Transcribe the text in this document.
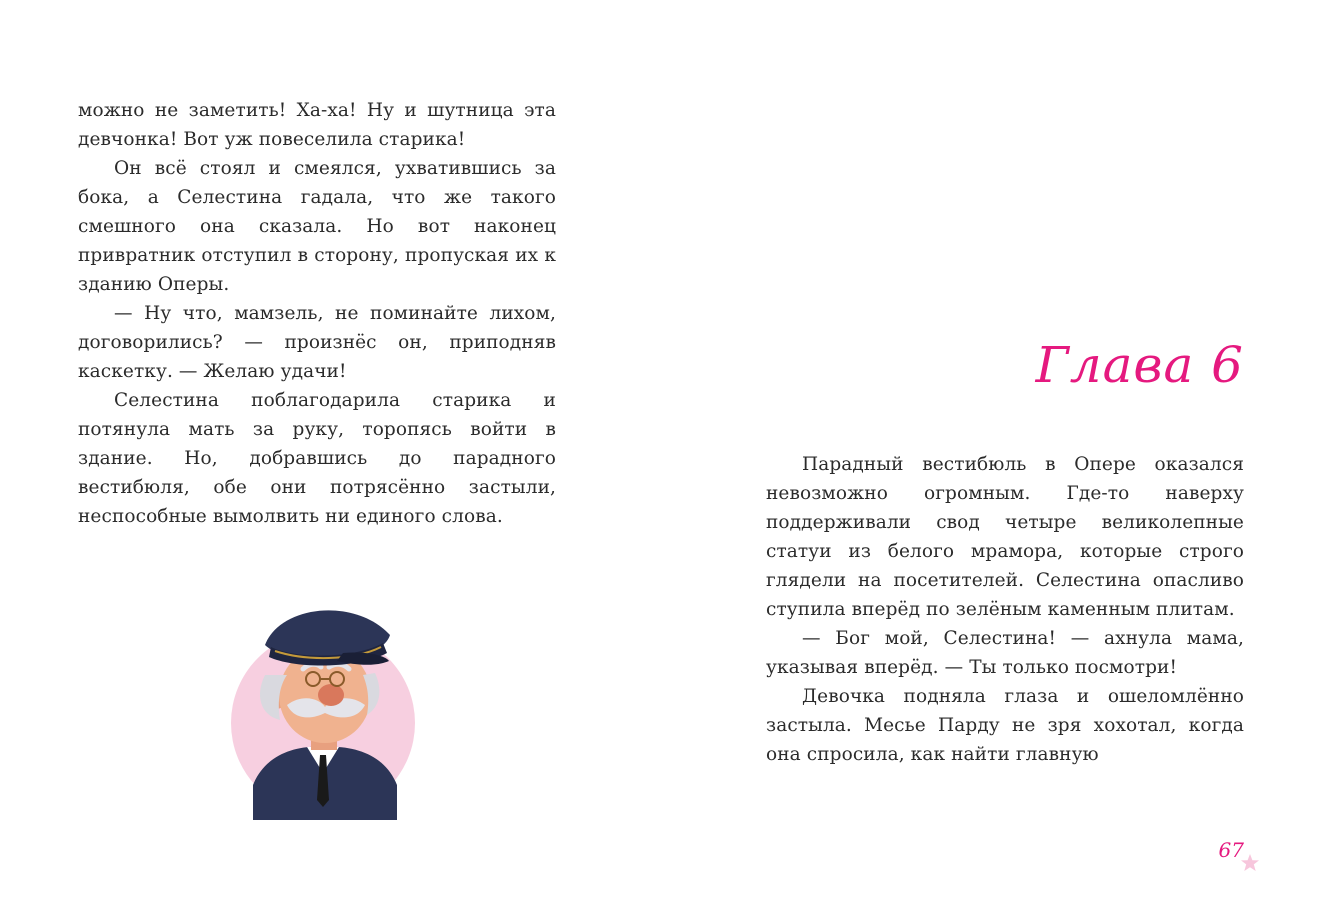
можно не заметить! Ха-ха! Ну и шутница эта девчонка! Вот уж повеселила старика!

Он всё стоял и смеялся, ухватившись за бока, а Селестина гадала, что же такого смешного она сказала. Но вот наконец привратник отступил в сторону, пропуская их к зданию Оперы.

— Ну что, мамзель, не поминайте лихом, договорились? — произнёс он, приподняв каскетку. — Желаю удачи!

Селестина поблагодарила старика и потянула мать за руку, торопясь войти в здание. Но, добравшись до парадного вестибюля, обе они потрясённо застыли, неспособные вымолвить ни единого слова.

Глава 6

Парадный вестибюль в Опере оказался невозможно огромным. Где-то наверху поддерживали свод четыре великолепные статуи из белого мрамора, которые строго глядели на посетителей. Селестина опасливо ступила вперёд по зелёным каменным плитам.

— Бог мой, Селестина! — ахнула мама, указывая вперёд. — Ты только посмотри!

Девочка подняла глаза и ошеломлённо застыла. Месье Парду не зря хохотал, когда она спросила, как найти главную

67
